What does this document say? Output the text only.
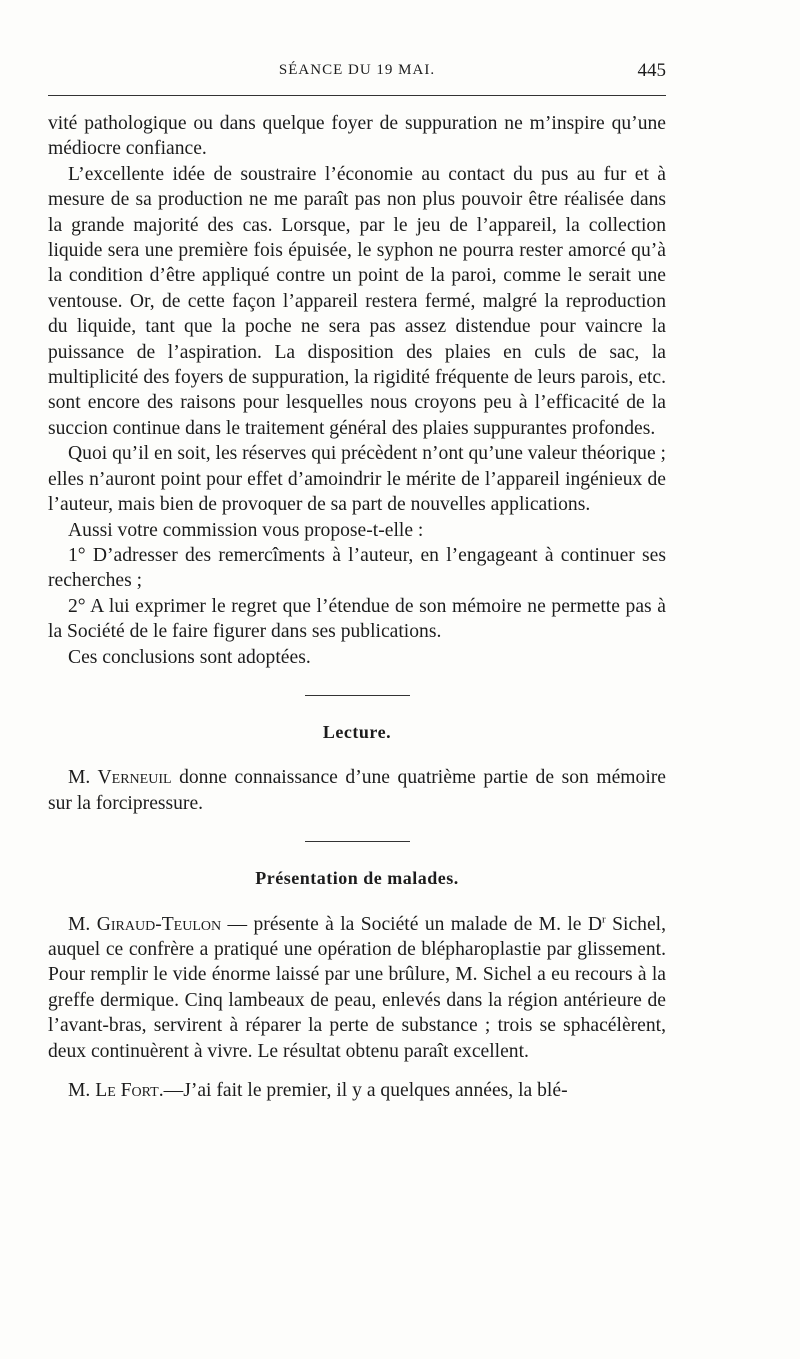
SÉANCE DU 19 MAI.	445

vité pathologique ou dans quelque foyer de suppuration ne m’inspire qu’une médiocre confiance.

L’excellente idée de soustraire l’économie au contact du pus au fur et à mesure de sa production ne me paraît pas non plus pouvoir être réalisée dans la grande majorité des cas. Lorsque, par le jeu de l’appareil, la collection liquide sera une première fois épuisée, le syphon ne pourra rester amorcé qu’à la condition d’être appliqué contre un point de la paroi, comme le serait une ventouse. Or, de cette façon l’appareil restera fermé, malgré la reproduction du liquide, tant que la poche ne sera pas assez distendue pour vaincre la puissance de l’aspiration. La disposition des plaies en culs de sac, la multiplicité des foyers de suppuration, la rigidité fréquente de leurs parois, etc. sont encore des raisons pour lesquelles nous croyons peu à l’efficacité de la succion continue dans le traitement général des plaies suppurantes profondes.

Quoi qu’il en soit, les réserves qui précèdent n’ont qu’une valeur théorique ; elles n’auront point pour effet d’amoindrir le mérite de l’appareil ingénieux de l’auteur, mais bien de provoquer de sa part de nouvelles applications.

Aussi votre commission vous propose-t-elle :

1° D’adresser des remercîments à l’auteur, en l’engageant à continuer ses recherches ;

2° A lui exprimer le regret que l’étendue de son mémoire ne permette pas à la Société de le faire figurer dans ses publications.

Ces conclusions sont adoptées.

Lecture.

M. Verneuil donne connaissance d’une quatrième partie de son mémoire sur la forcipressure.

Présentation de malades.

M. Giraud-Teulon — présente à la Société un malade de M. le $D^r$ Sichel, auquel ce confrère a pratiqué une opération de blépharoplastie par glissement. Pour remplir le vide énorme laissé par une brûlure, M. Sichel a eu recours à la greffe dermique. Cinq lambeaux de peau, enlevés dans la région antérieure de l’avant-bras, servirent à réparer la perte de substance ; trois se sphacélèrent, deux continuèrent à vivre. Le résultat obtenu paraît excellent.

M. Le Fort.—J’ai fait le premier, il y a quelques années, la blé-
